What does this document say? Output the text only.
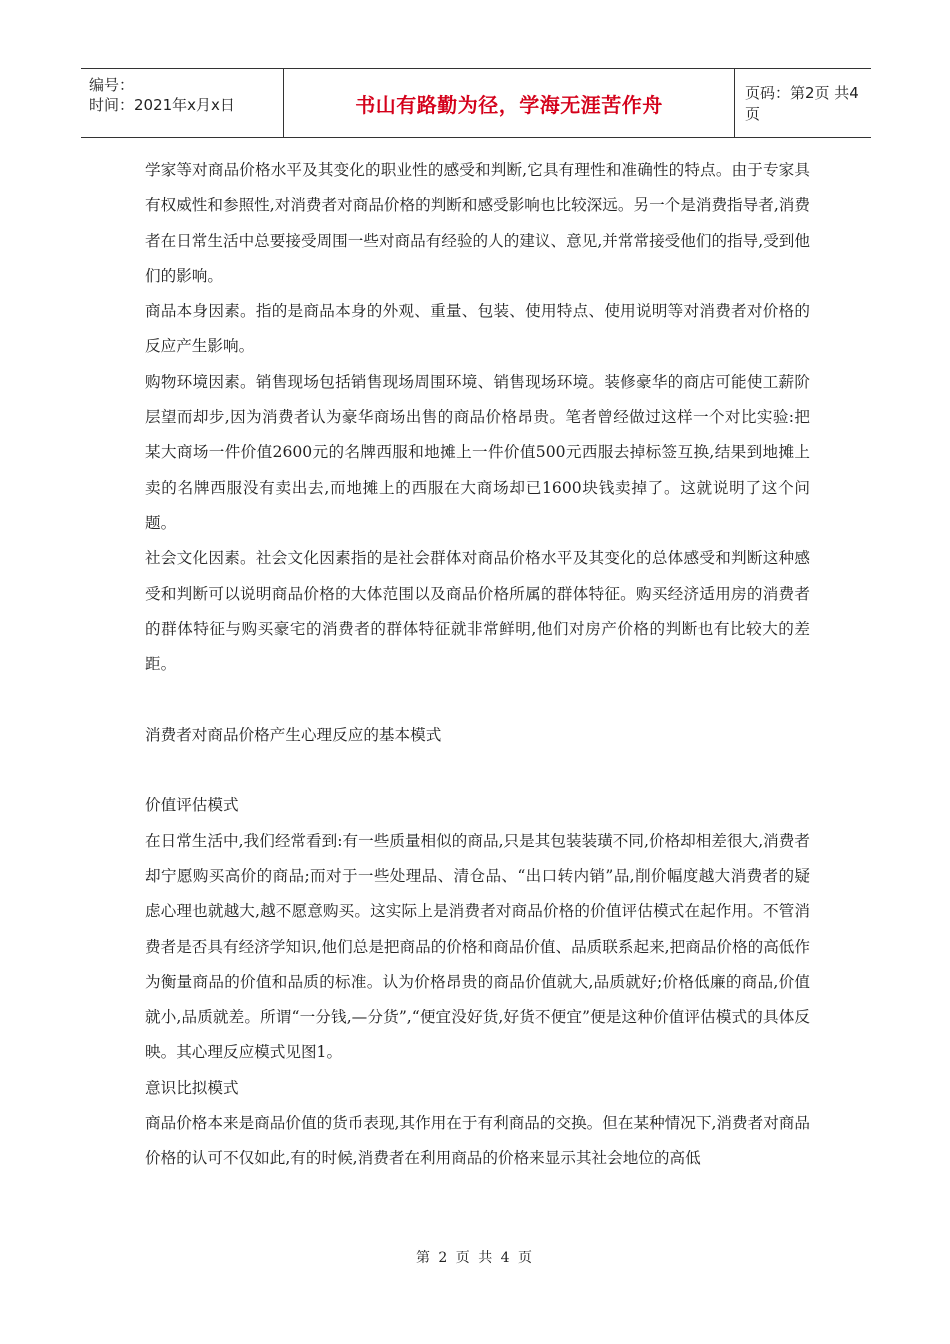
编号：
时间：2021年x月x日	书山有路勤为径，学海无涯苦作舟	页码：第2页 共4页

学家等对商品价格水平及其变化的职业性的感受和判断,它具有理性和准确性的特点。由于专家具有权威性和参照性,对消费者对商品价格的判断和感受影响也比较深远。另一个是消费指导者,消费者在日常生活中总要接受周围一些对商品有经验的人的建议、意见,并常常接受他们的指导,受到他们的影响。

商品本身因素。指的是商品本身的外观、重量、包装、使用特点、使用说明等对消费者对价格的反应产生影响。

购物环境因素。销售现场包括销售现场周围环境、销售现场环境。装修豪华的商店可能使工薪阶层望而却步,因为消费者认为豪华商场出售的商品价格昂贵。笔者曾经做过这样一个对比实验:把某大商场一件价值2600元的名牌西服和地摊上一件价值500元西服去掉标签互换,结果到地摊上卖的名牌西服没有卖出去,而地摊上的西服在大商场却已1600块钱卖掉了。这就说明了这个问题。

社会文化因素。社会文化因素指的是社会群体对商品价格水平及其变化的总体感受和判断这种感受和判断可以说明商品价格的大体范围以及商品价格所属的群体特征。购买经济适用房的消费者的群体特征与购买豪宅的消费者的群体特征就非常鲜明,他们对房产价格的判断也有比较大的差距。

消费者对商品价格产生心理反应的基本模式

价值评估模式

在日常生活中,我们经常看到:有一些质量相似的商品,只是其包装装璜不同,价格却相差很大,消费者却宁愿购买高价的商品;而对于一些处理品、清仓品、“出口转内销”品,削价幅度越大消费者的疑虑心理也就越大,越不愿意购买。这实际上是消费者对商品价格的价值评估模式在起作用。不管消费者是否具有经济学知识,他们总是把商品的价格和商品价值、品质联系起来,把商品价格的高低作为衡量商品的价值和品质的标准。认为价格昂贵的商品价值就大,品质就好;价格低廉的商品,价值就小,品质就差。所谓“一分钱,—分货”,“便宜没好货,好货不便宜”便是这种价值评估模式的具体反映。其心理反应模式见图1。

意识比拟模式

商品价格本来是商品价值的货币表现,其作用在于有利商品的交换。但在某种情况下,消费者对商品价格的认可不仅如此,有的时候,消费者在利用商品的价格来显示其社会地位的高低

第 2 页 共 4 页
